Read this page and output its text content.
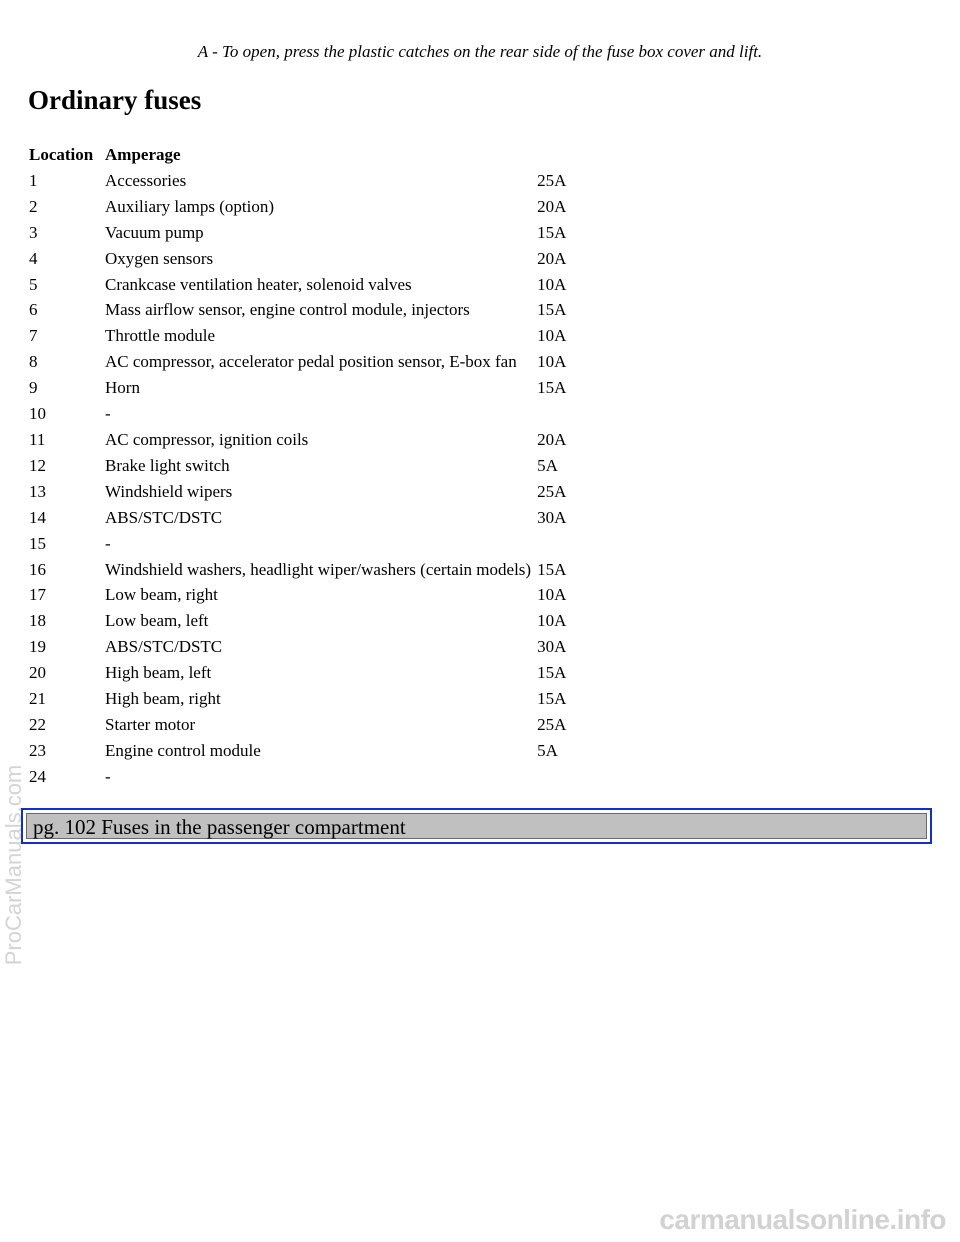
A - To open, press the plastic catches on the rear side of the fuse box cover and lift.
Ordinary fuses
Location	Amperage	
1	Accessories	25A
2	Auxiliary lamps (option)	20A
3	Vacuum pump	15A
4	Oxygen sensors	20A
5	Crankcase ventilation heater, solenoid valves	10A
6	Mass airflow sensor, engine control module, injectors	15A
7	Throttle module	10A
8	AC compressor, accelerator pedal position sensor, E-box fan	10A
9	Horn	15A
10	-	
11	AC compressor, ignition coils	20A
12	Brake light switch	5A
13	Windshield wipers	25A
14	ABS/STC/DSTC	30A
15	-	
16	Windshield washers, headlight wiper/washers (certain models)	15A
17	Low beam, right	10A
18	Low beam, left	10A
19	ABS/STC/DSTC	30A
20	High beam, left	15A
21	High beam, right	15A
22	Starter motor	25A
23	Engine control module	5A
24	-	
pg. 102 Fuses in the passenger compartment
ProCarManuals.com
carmanualsonline.info
